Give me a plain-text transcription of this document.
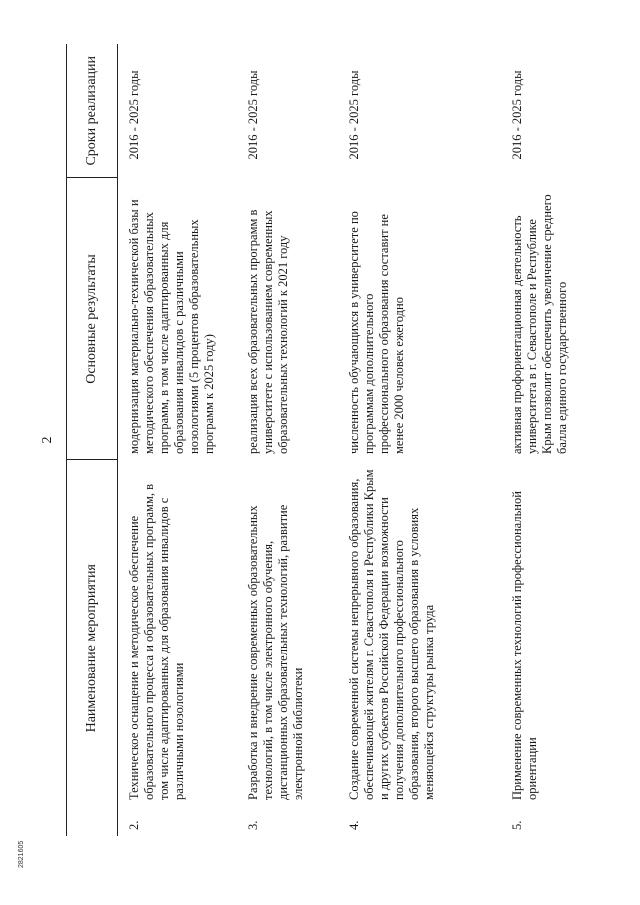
2
Наименование мероприятия	Основные результаты	Сроки реализации

2.
Техническое оснащение и методическое обеспечение образовательного процесса и образовательных программ, в том числе адаптированных для образования инвалидов с различными нозологиями	модернизация материально-технической базы и методического обеспечения образовательных программ, в том числе адаптированных для образования инвалидов с различными нозологиями (5 процентов образовательных программ к 2025 году)	2016 - 2025 годы

3.
Разработка и внедрение современных образовательных технологий, в том числе электронного обучения, дистанционных образовательных технологий, развитие электронной библиотеки	реализация всех образовательных программ в университете с использованием современных образовательных технологий к 2021 году	2016 - 2025 годы

4.
Создание современной системы непрерывного образования, обеспечивающей жителям г. Севастополя и Республики Крым и других субъектов Российской Федерации возможности получения дополнительного профессионального образования, второго высшего образования в условиях меняющейся структуры рынка труда	численность обучающихся в университете по программам дополнительного профессионального образования составит не менее 2000 человек ежегодно	2016 - 2025 годы

5.
Применение современных технологий профессиональной ориентации	активная профориентационная деятельность университета в г. Севастополе и Республике Крым позволит обеспечить увеличение среднего балла единого государственного	2016 - 2025 годы
2821605
